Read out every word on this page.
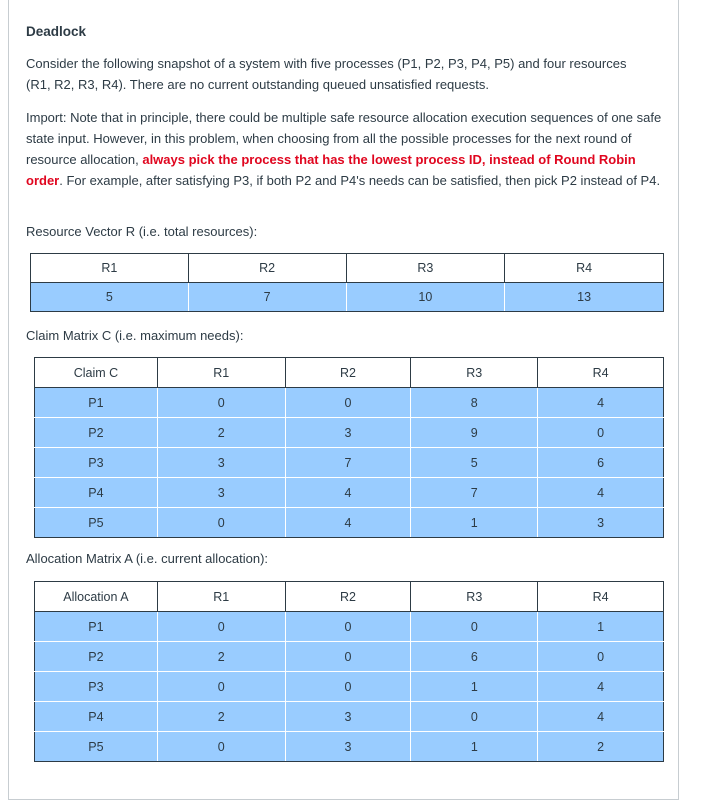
Deadlock

Consider the following snapshot of a system with five processes (P1, P2, P3, P4, P5) and four resources (R1, R2, R3, R4). There are no current outstanding queued unsatisfied requests.

Import: Note that in principle, there could be multiple safe resource allocation execution sequences of one safe state input. However, in this problem, when choosing from all the possible processes for the next round of resource allocation, always pick the process that has the lowest process ID, instead of Round Robin order. For example, after satisfying P3, if both P2 and P4's needs can be satisfied, then pick P2 instead of P4.

Resource Vector R (i.e. total resources):
R1	R2	R3	R4
5	7	10	13
Claim Matrix C (i.e. maximum needs):
Claim C	R1	R2	R3	R4
P1	0	0	8	4
P2	2	3	9	0
P3	3	7	5	6
P4	3	4	7	4
P5	0	4	1	3
Allocation Matrix A (i.e. current allocation):
Allocation A	R1	R2	R3	R4
P1	0	0	0	1
P2	2	0	6	0
P3	0	0	1	4
P4	2	3	0	4
P5	0	3	1	2
